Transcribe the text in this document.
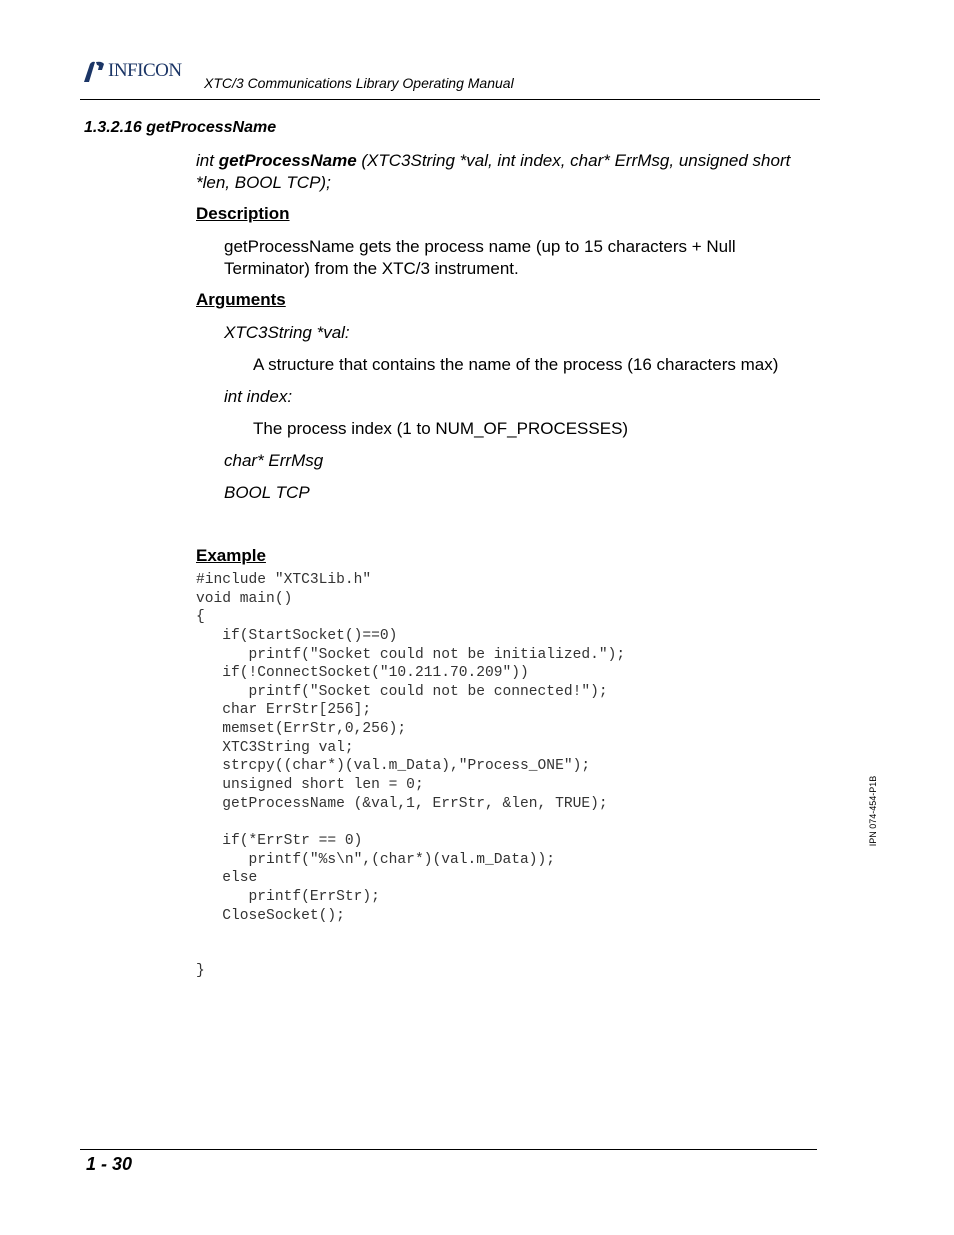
INFICON
XTC/3 Communications Library Operating Manual
1.3.2.16 getProcessName
int getProcessName (XTC3String *val, int index, char* ErrMsg, unsigned short *len, BOOL TCP);
Description
getProcessName gets the process name (up to 15 characters + Null
Terminator) from the XTC/3 instrument.
Arguments
XTC3String *val:
A structure that contains the name of the process (16 characters max)
int index:
The process index (1 to NUM_OF_PROCESSES)
char* ErrMsg
BOOL TCP
Example
#include "XTC3Lib.h"
void main()
{
if(StartSocket()==0)
printf("Socket could not be initialized.");
if(!ConnectSocket("10.211.70.209"))
printf("Socket could not be connected!");
char ErrStr[256];
memset(ErrStr,0,256);
XTC3String val;
strcpy((char*)(val.m_Data),"Process_ONE");
unsigned short len = 0;
getProcessName (&val,1, ErrStr, &len, TRUE);
if(*ErrStr == 0)
printf("%s\n",(char*)(val.m_Data));
else
printf(ErrStr);
CloseSocket();
}
1 - 30
IPN 074-454-P1B
